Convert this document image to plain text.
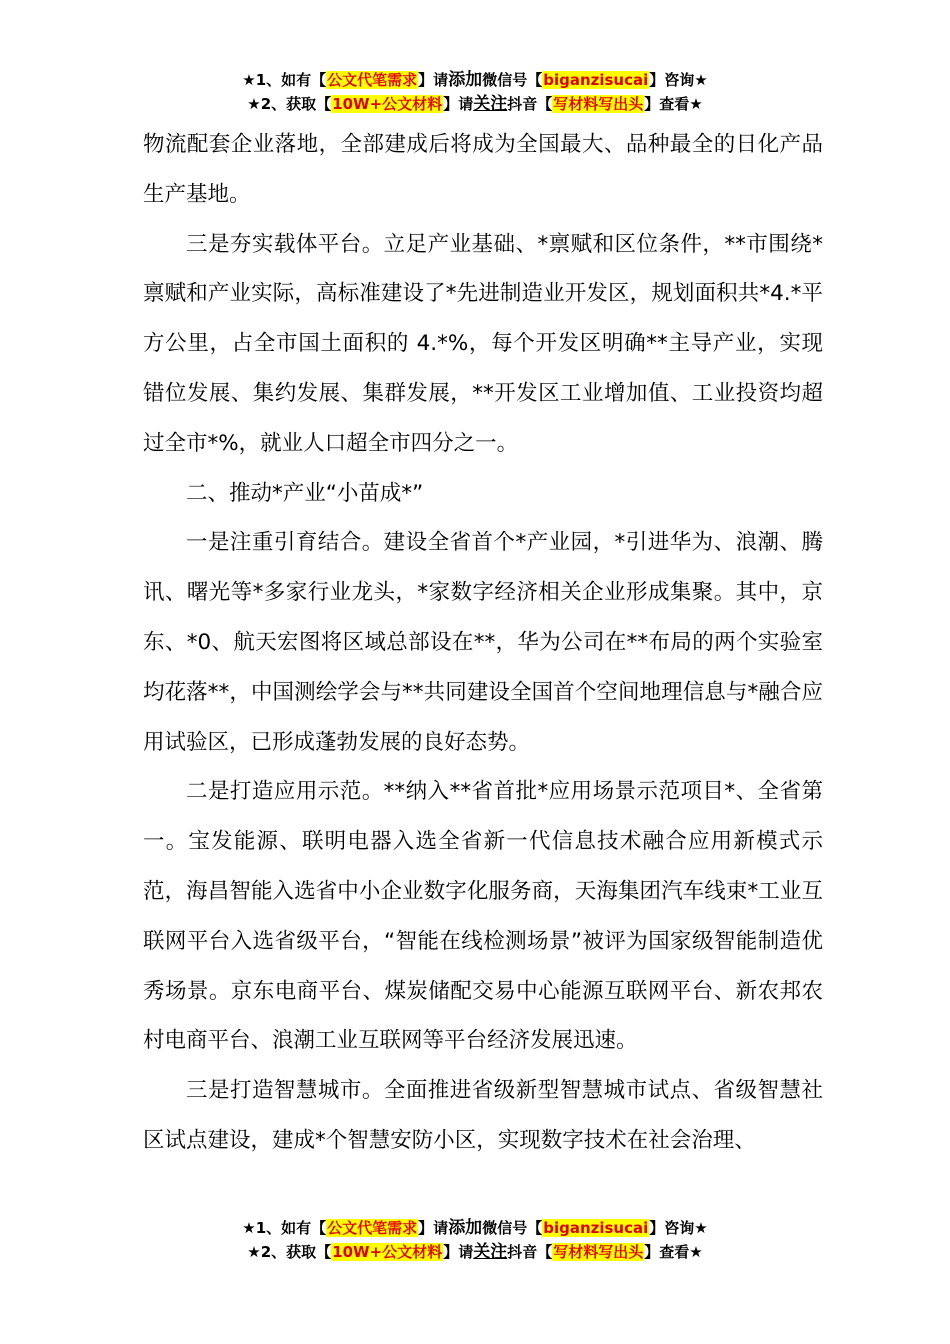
★1、如有【公文代笔需求】请添加微信号【biganzisucai】咨询★
★2、获取【10W+公文材料】请关注抖音【写材料写出头】查看★

物流配套企业落地，全部建成后将成为全国最大、品种最全的日化产品生产基地。

三是夯实载体平台。立足产业基础、*禀赋和区位条件，**市围绕*禀赋和产业实际，高标准建设了*先进制造业开发区，规划面积共*4.*平方公里，占全市国土面积的 4.*%，每个开发区明确**主导产业，实现错位发展、集约发展、集群发展，**开发区工业增加值、工业投资均超过全市*%，就业人口超全市四分之一。

二、推动*产业“小苗成*”

一是注重引育结合。建设全省首个*产业园，*引进华为、浪潮、腾讯、曙光等*多家行业龙头，*家数字经济相关企业形成集聚。其中，京东、*0、航天宏图将区域总部设在**，华为公司在**布局的两个实验室均花落**，中国测绘学会与**共同建设全国首个空间地理信息与*融合应用试验区，已形成蓬勃发展的良好态势。

二是打造应用示范。**纳入**省首批*应用场景示范项目*、全省第一。宝发能源、联明电器入选全省新一代信息技术融合应用新模式示范，海昌智能入选省中小企业数字化服务商，天海集团汽车线束*工业互联网平台入选省级平台，“智能在线检测场景”被评为国家级智能制造优秀场景。京东电商平台、煤炭储配交易中心能源互联网平台、新农邦农村电商平台、浪潮工业互联网等平台经济发展迅速。

三是打造智慧城市。全面推进省级新型智慧城市试点、省级智慧社区试点建设，建成*个智慧安防小区，实现数字技术在社会治理、

★1、如有【公文代笔需求】请添加微信号【biganzisucai】咨询★
★2、获取【10W+公文材料】请关注抖音【写材料写出头】查看★
